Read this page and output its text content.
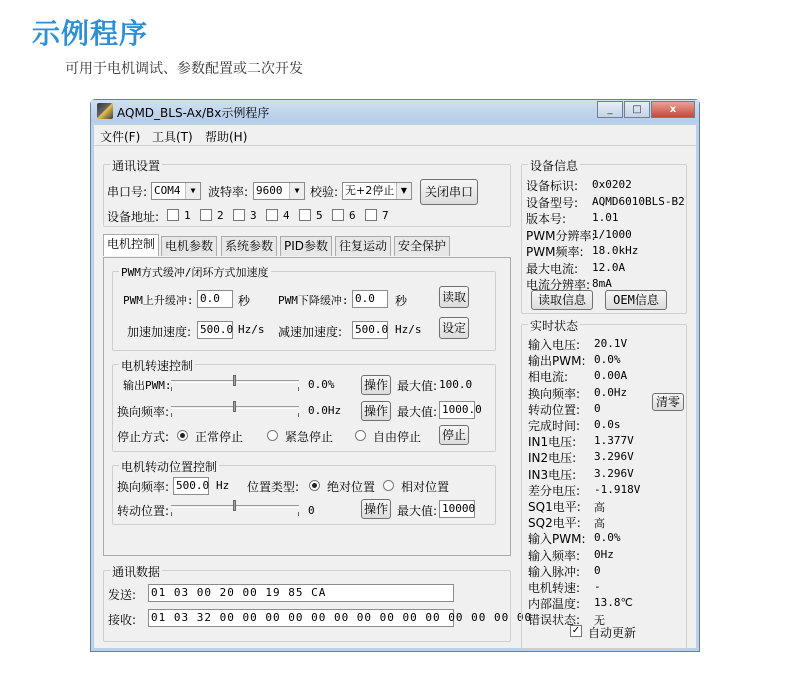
示例程序
可用于电机调试、参数配置或二次开发
AQMD_BLS-Ax/Bx示例程序	_	□	x
文件(F) 工具(T) 帮助(H)
通讯设置
串口号: COM4	▼	波特率: 9600	▼ 校验: 无+2停止 ▼	关闭串口
设备地址: 1 2 3 4 5 6 7
电机控制 电机参数 系统参数 PID参数 往复运动 安全保护
PWM方式缓冲/闭环方式加速度
PWM上升缓冲: 0.0	秒	PWM下降缓冲: 0.0	秒	读取
加速加速度: 500.0 Hz/s 减速加速度: 500.0 Hz/s 设定
电机转速控制
输出PWM:	0.0% 操作 最大值: 100.0
换向频率:	0.0Hz 操作 最大值: 1000.0
停止方式: 正常停止	紧急停止	自由停止 停止
电机转动位置控制
换向频率: 500.0 Hz 位置类型: 绝对位置 相对位置
转动位置:	0	操作 最大值: 10000
通讯数据
发送: 01 03 00 20 00 19 85 CA
接收: 01 03 32 00 00 00 00 00 00 00 00 00 00 00 00 00 00
设备信息
读取信息	OEM信息
设备标识: 0x0202
设备型号: AQMD6010BLS-B2
版本号: 1.01
PWM分辨率:
1/1000
PWM频率: 18.0kHz
最大电流: 12.0A
电流分辨率: 8mA
实时状态
清零
✓ 自动更新
输入电压: 20.1V
输出PWM: 0.0%
相电流: 0.00A
换向频率: 0.0Hz
转动位置: 0
完成时间: 0.0s
IN1电压: 1.377V
IN2电压: 3.296V
IN3电压: 3.296V
差分电压: -1.918V
SQ1电平: 高
SQ2电平: 高
输入PWM: 0.0%
输入频率: 0Hz
输入脉冲: 0
电机转速: -
内部温度: 13.8℃
错误状态: 无
